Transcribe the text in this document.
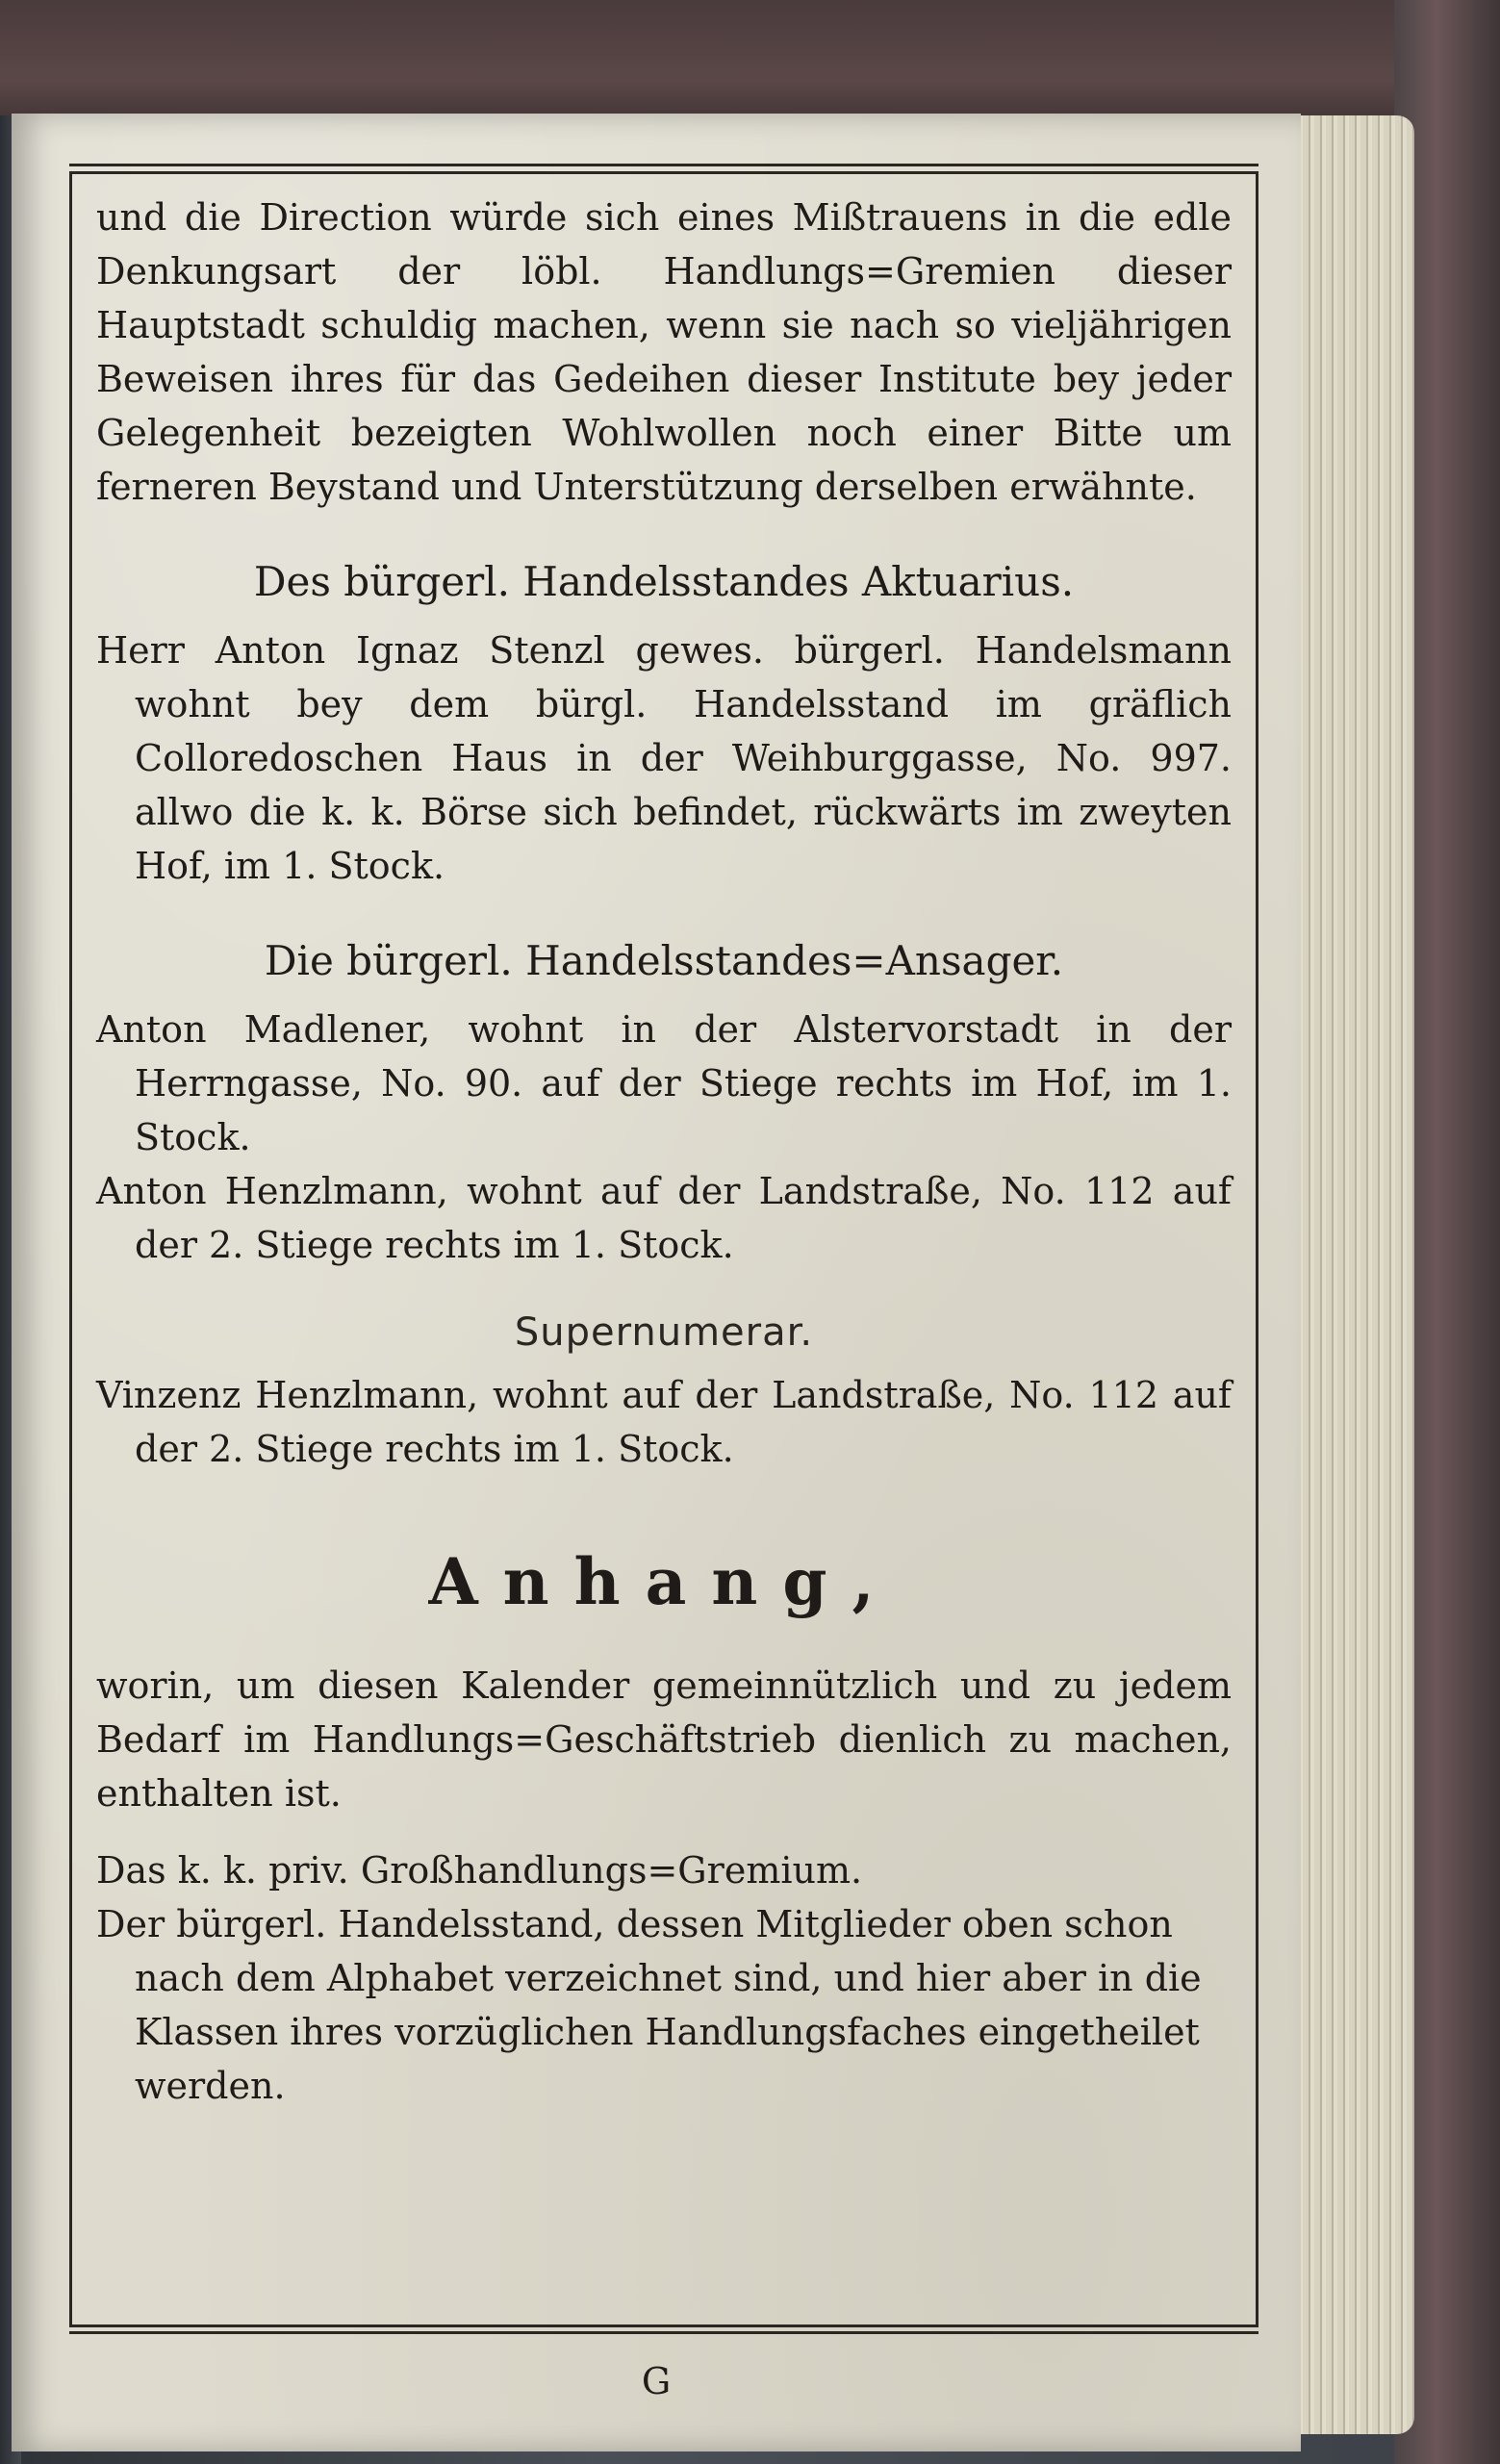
und die Direction würde sich eines Mißtrauens in die edle Denkungsart der löbl. Handlungs=Gremien dieser Hauptstadt schuldig machen, wenn sie nach so vieljährigen Beweisen ihres für das Gedeihen dieser Institute bey jeder Gelegenheit bezeigten Wohlwollen noch einer Bitte um ferneren Beystand und Unterstützung derselben erwähnte.

Des bürgerl. Handelsstandes Aktuarius.

Herr Anton Ignaz Stenzl gewes. bürgerl. Handelsmann wohnt bey dem bürgl. Handelsstand im gräflich Colloredoschen Haus in der Weihburggasse, No. 997. allwo die k. k. Börse sich befindet, rückwärts im zweyten Hof, im 1. Stock.

Die bürgerl. Handelsstandes=Ansager.

Anton Madlener, wohnt in der Alstervorstadt in der Herrngasse, No. 90. auf der Stiege rechts im Hof, im 1. Stock.

Anton Henzlmann, wohnt auf der Landstraße, No. 112 auf der 2. Stiege rechts im 1. Stock.

Supernumerar.

Vinzenz Henzlmann, wohnt auf der Landstraße, No. 112 auf der 2. Stiege rechts im 1. Stock.

Anhang,

worin, um diesen Kalender gemeinnützlich und zu jedem Bedarf im Handlungs=Geschäftstrieb dienlich zu machen, enthalten ist.

Das k. k. priv. Großhandlungs=Gremium.

Der bürgerl. Handelsstand, dessen Mitglieder oben schon nach dem Alphabet verzeichnet sind, und hier aber in die Klassen ihres vorzüglichen Handlungsfaches eingetheilet werden.

G
